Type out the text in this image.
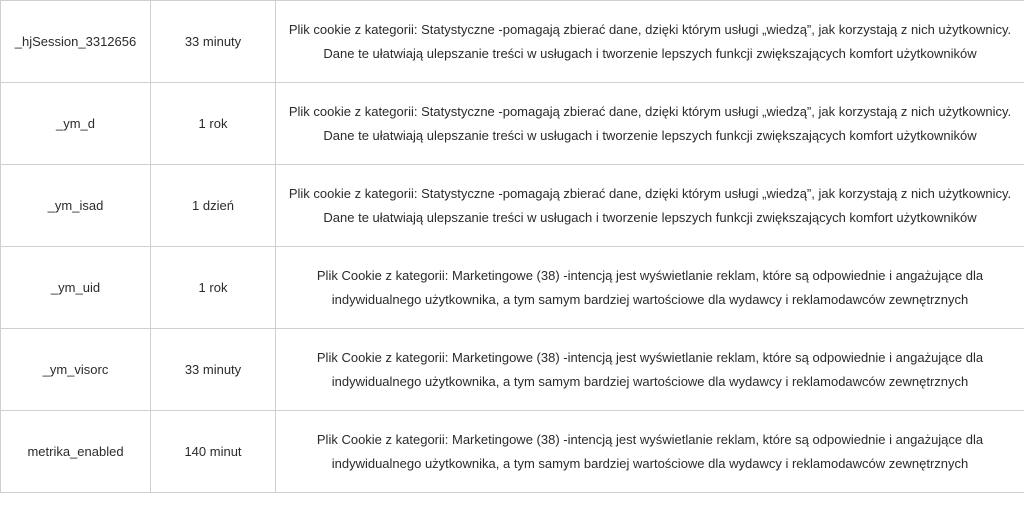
_hjSession_3312656	33 minuty	Plik cookie z kategorii: Statystyczne -pomagają zbierać dane, dzięki którym usługi „wiedzą”, jak korzystają z nich użytkownicy. Dane te ułatwiają ulepszanie treści w usługach i tworzenie lepszych funkcji zwiększających komfort użytkowników
_ym_d	1 rok	Plik cookie z kategorii: Statystyczne -pomagają zbierać dane, dzięki którym usługi „wiedzą”, jak korzystają z nich użytkownicy. Dane te ułatwiają ulepszanie treści w usługach i tworzenie lepszych funkcji zwiększających komfort użytkowników
_ym_isad	1 dzień	Plik cookie z kategorii: Statystyczne -pomagają zbierać dane, dzięki którym usługi „wiedzą”, jak korzystają z nich użytkownicy. Dane te ułatwiają ulepszanie treści w usługach i tworzenie lepszych funkcji zwiększających komfort użytkowników
_ym_uid	1 rok	Plik Cookie z kategorii: Marketingowe (38) -intencją jest wyświetlanie reklam, które są odpowiednie i angażujące dla indywidualnego użytkownika, a tym samym bardziej wartościowe dla wydawcy i reklamodawców zewnętrznych
_ym_visorc	33 minuty	Plik Cookie z kategorii: Marketingowe (38) -intencją jest wyświetlanie reklam, które są odpowiednie i angażujące dla indywidualnego użytkownika, a tym samym bardziej wartościowe dla wydawcy i reklamodawców zewnętrznych
metrika_enabled	140 minut	Plik Cookie z kategorii: Marketingowe (38) -intencją jest wyświetlanie reklam, które są odpowiednie i angażujące dla indywidualnego użytkownika, a tym samym bardziej wartościowe dla wydawcy i reklamodawców zewnętrznych
